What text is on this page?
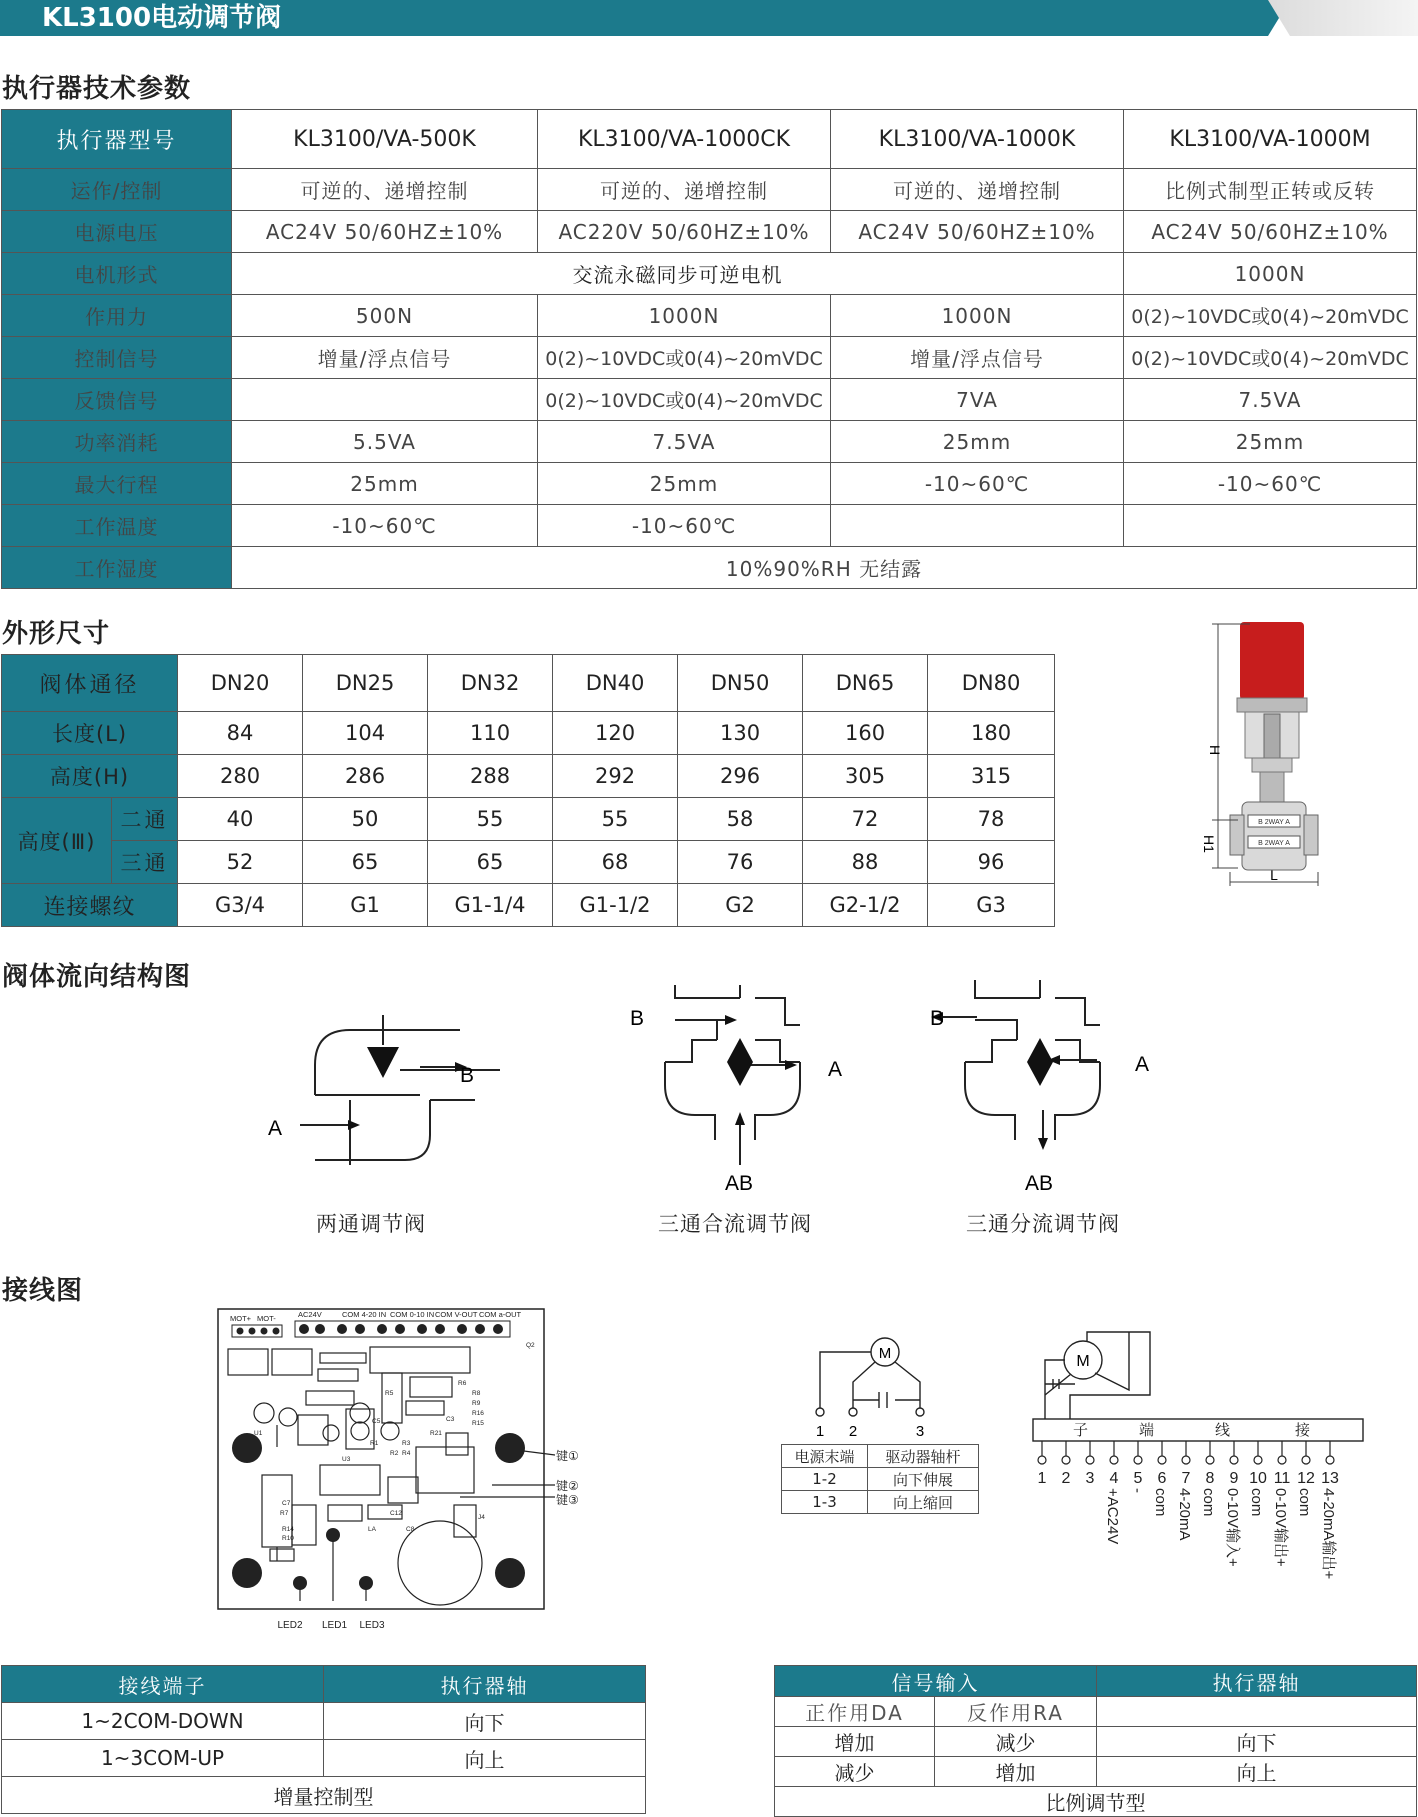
KL3100电动调节阀
执行器技术参数
执行器型号	KL3100/VA-500K	KL3100/VA-1000CK	KL3100/VA-1000K	KL3100/VA-1000M
运作/控制	可逆的、递增控制	可逆的、递增控制	可逆的、递增控制	比例式制型正转或反转
电源电压	AC24V 50/60HZ±10%	AC220V 50/60HZ±10%	AC24V 50/60HZ±10%	AC24V 50/60HZ±10%
电机形式	交流永磁同步可逆电机			1000N
作用力	500N	1000N	1000N	0(2)~10VDC或0(4)~20mVDC
控制信号	增量/浮点信号	0(2)~10VDC或0(4)~20mVDC	增量/浮点信号	0(2)~10VDC或0(4)~20mVDC
反馈信号		0(2)~10VDC或0(4)~20mVDC	7VA	7.5VA
功率消耗	5.5VA	7.5VA	25mm	25mm
最大行程	25mm	25mm	-10~60℃	-10~60℃
工作温度	-10~60℃	-10~60℃		
工作湿度	10%90%RH 无结露			
外形尺寸
阀体通径		DN20	DN25	DN32	DN40	DN50	DN65	DN80
长度(L)		84	104	110	120	130	160	180
高度(H)		280	286	288	292	296	305	315
高度(Ⅲ)	二通	40	50	55	55	58	72	78
	三通	52	65	65	68	76	88	96
连接螺纹		G3/4	G1	G1-1/4	G1-1/2	G2	G2-1/2	G3
B 2WAY A
B 2WAY A
H
H1
L
阀体流向结构图
B
A
两通调节阀
B
A
AB
三通合流调节阀
B
A
AB
三通分流调节阀
接线图
MOT+ MOT-	AC24V	COM 4-20 IN COM 0-10 IN COM V-OUT COM a-OUT
R5
R1
R2
R3
R4
R6
R7
R8
R9
R10
R14
R15
R16
R21
U1
U3
C3
C5
C7
C8
C12
J4
LA
Q2
键①
键②
键③
LED1
LED2	LED3
M
1 2	3
电源末端	驱动器轴杆
1-2	向下伸展
1-3	向上缩回
M
子	端	线	接
1 2 3 4 5 6 7 8 9 10 11 12 13
+AC24V - com 4-20mA com 0-10V输入+ com 0-10V输出+ com 4-20mA输出+
接线端子	执行器轴
1~2COM-DOWN	向下
1~3COM-UP	向上
增量控制型	
信号输入		执行器轴
正作用DA	反作用RA	
增加	减少	向下
减少	增加	向上
比例调节型		
